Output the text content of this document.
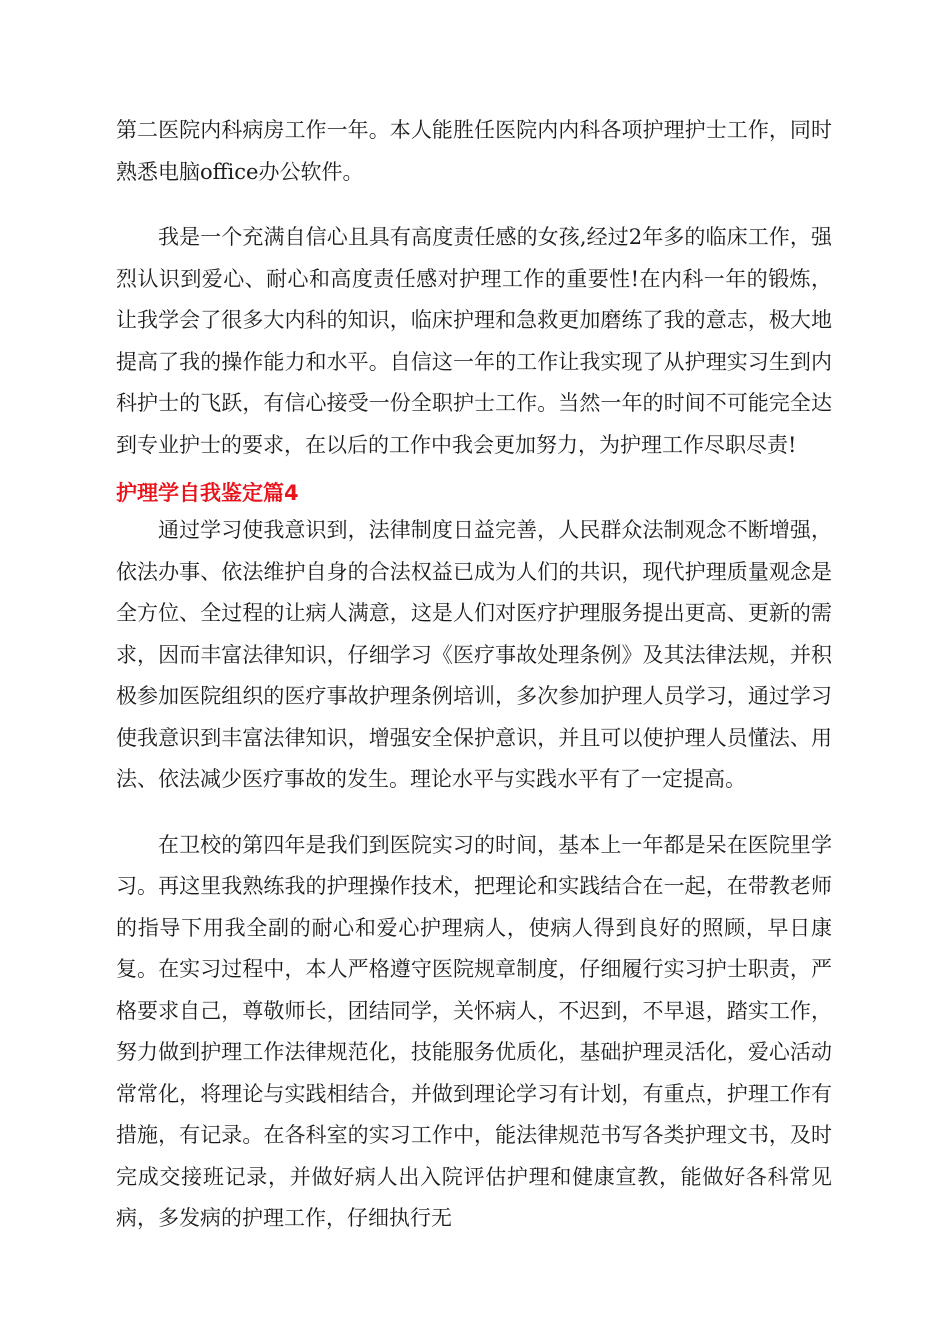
第二医院内科病房工作一年。本人能胜任医院内内科各项护理护士工作，同时熟悉电脑office办公软件。

我是一个充满自信心且具有高度责任感的女孩,经过2年多的临床工作，强烈认识到爱心、耐心和高度责任感对护理工作的重要性!在内科一年的锻炼，让我学会了很多大内科的知识，临床护理和急救更加磨练了我的意志，极大地提高了我的操作能力和水平。自信这一年的工作让我实现了从护理实习生到内科护士的飞跃，有信心接受一份全职护士工作。当然一年的时间不可能完全达到专业护士的要求，在以后的工作中我会更加努力，为护理工作尽职尽责!

护理学自我鉴定篇4

通过学习使我意识到，法律制度日益完善，人民群众法制观念不断增强，依法办事、依法维护自身的合法权益已成为人们的共识，现代护理质量观念是全方位、全过程的让病人满意，这是人们对医疗护理服务提出更高、更新的需求，因而丰富法律知识，仔细学习《医疗事故处理条例》及其法律法规，并积极参加医院组织的医疗事故护理条例培训，多次参加护理人员学习，通过学习使我意识到丰富法律知识，增强安全保护意识，并且可以使护理人员懂法、用法、依法减少医疗事故的发生。理论水平与实践水平有了一定提高。

在卫校的第四年是我们到医院实习的时间，基本上一年都是呆在医院里学习。再这里我熟练我的护理操作技术，把理论和实践结合在一起，在带教老师的指导下用我全副的耐心和爱心护理病人，使病人得到良好的照顾，早日康复。在实习过程中，本人严格遵守医院规章制度，仔细履行实习护士职责，严格要求自己，尊敬师长，团结同学，关怀病人，不迟到，不早退，踏实工作，努力做到护理工作法律规范化，技能服务优质化，基础护理灵活化，爱心活动常常化，将理论与实践相结合，并做到理论学习有计划，有重点，护理工作有措施，有记录。在各科室的实习工作中，能法律规范书写各类护理文书，及时完成交接班记录，并做好病人出入院评估护理和健康宣教，能做好各科常见病，多发病的护理工作，仔细执行无
